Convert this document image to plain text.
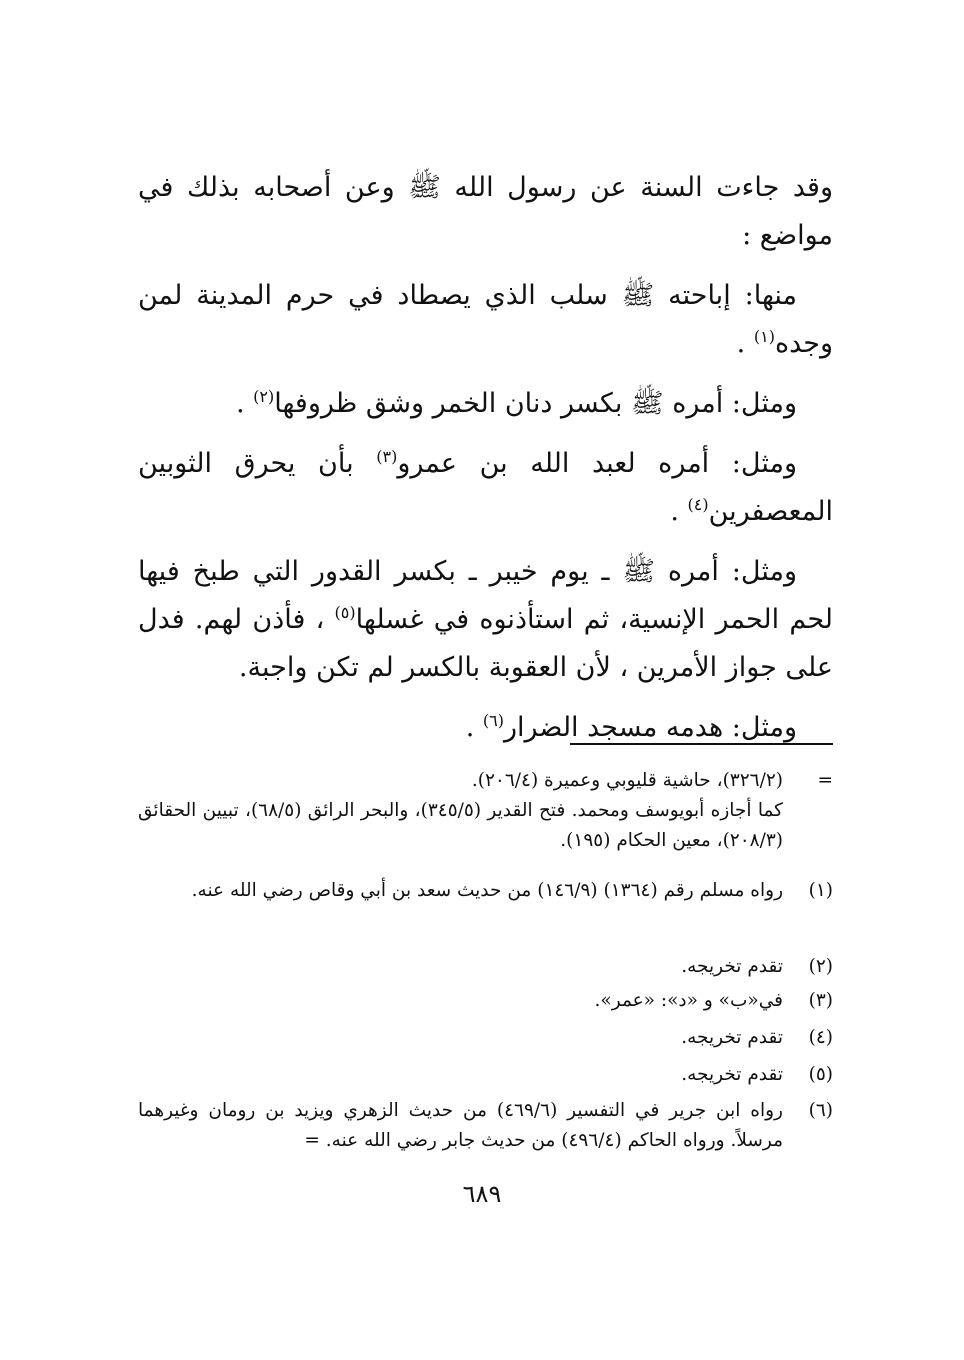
وقد جاءت السنة عن رسول الله ﷺ وعن أصحابه بذلك في مواضع :

منها: إباحته ﷺ سلب الذي يصطاد في حرم المدينة لمن وجده$^{(١)}$ .

ومثل: أمره ﷺ بكسر دنان الخمر وشق ظروفها$^{(٢)}$ .

ومثل: أمره لعبد الله بن عمرو$^{(٣)}$ بأن يحرق الثوبين المعصفرين$^{(٤)}$ .

ومثل: أمره ﷺ ـ يوم خيبر ـ بكسر القدور التي طبخ فيها لحم الحمر الإنسية، ثم استأذنوه في غسلها$^{(٥)}$ ، فأذن لهم. فدل على جواز الأمرين ، لأن العقوبة بالكسر لم تكن واجبة.

ومثل: هدمه مسجد الضرار$^{(٦)}$ .

=
(٣٢٦/٢)، حاشية قليوبي وعميرة (٢٠٦/٤).
كما أجازه أبويوسف ومحمد. فتح القدير (٣٤٥/٥)، والبحر الرائق (٦٨/٥)، تبيين الحقائق (٢٠٨/٣)، معين الحكام (١٩٥).
(١)
رواه مسلم رقم (١٣٦٤) (١٤٦/٩) من حديث سعد بن أبي وقاص رضي الله عنه.
(٢)
تقدم تخريجه.
(٣)
في«ب» و «د»: «عمر».
(٤)
تقدم تخريجه.
(٥)
تقدم تخريجه.
(٦)
رواه ابن جرير في التفسير (٤٦٩/٦) من حديث الزهري ويزيد بن رومان وغيرهما مرسلاً. ورواه الحاكم (٤٩٦/٤) من حديث جابر رضي الله عنه. =
٦٨٩
